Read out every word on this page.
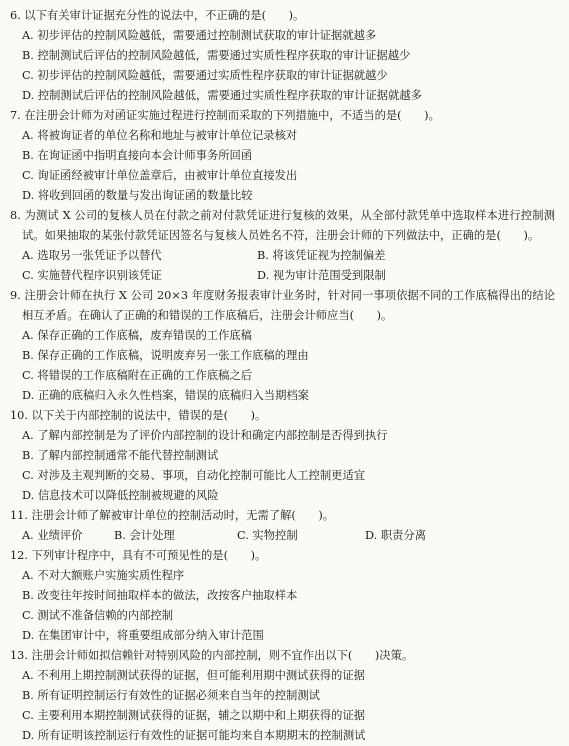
6. 以下有关审计证据充分性的说法中，不正确的是(　　)。
A. 初步评估的控制风险越低，需要通过控制测试获取的审计证据就越多
B. 控制测试后评估的控制风险越低，需要通过实质性程序获取的审计证据越少
C. 初步评估的控制风险越低，需要通过实质性程序获取的审计证据就越少
D. 控制测试后评估的控制风险越低，需要通过实质性程序获取的审计证据就越多
7. 在注册会计师为对函证实施过程进行控制而采取的下列措施中，不适当的是(　　)。
A. 将被询证者的单位名称和地址与被审计单位记录核对
B. 在询证函中指明直接向本会计师事务所回函
C. 询证函经被审计单位盖章后，由被审计单位直接发出
D. 将收到回函的数量与发出询证函的数量比较
8. 为测试 X 公司的复核人员在付款之前对付款凭证进行复核的效果，从全部付款凭单中选取样本进行控制测试。如果抽取的某张付款凭证因签名与复核人员姓名不符，注册会计师的下列做法中，正确的是(　　)。
A. 选取另一张凭证予以替代	B. 将该凭证视为控制偏差
C. 实施替代程序识别该凭证	D. 视为审计范围受到限制
9. 注册会计师在执行 X 公司 20×3 年度财务报表审计业务时，针对同一事项依据不同的工作底稿得出的结论相互矛盾。在确认了正确的和错误的工作底稿后，注册会计师应当(　　)。
A. 保存正确的工作底稿，废弃错误的工作底稿
B. 保存正确的工作底稿，说明废弃另一张工作底稿的理由
C. 将错误的工作底稿附在正确的工作底稿之后
D. 正确的底稿归入永久性档案，错误的底稿归入当期档案
10. 以下关于内部控制的说法中，错误的是(　　)。
A. 了解内部控制是为了评价内部控制的设计和确定内部控制是否得到执行
B. 了解内部控制通常不能代替控制测试
C. 对涉及主观判断的交易、事项，自动化控制可能比人工控制更适宜
D. 信息技术可以降低控制被规避的风险
11. 注册会计师了解被审计单位的控制活动时，无需了解(　　)。
A. 业绩评价	B. 会计处理	C. 实物控制	D. 职责分离
12. 下列审计程序中，具有不可预见性的是(　　)。
A. 不对大额账户实施实质性程序
B. 改变往年按时间抽取样本的做法，改按客户抽取样本
C. 测试不准备信赖的内部控制
D. 在集团审计中，将重要组成部分纳入审计范围
13. 注册会计师如拟信赖针对特别风险的内部控制，则不宜作出以下(　　)决策。
A. 不利用上期控制测试获得的证据，但可能利用期中测试获得的证据
B. 所有证明控制运行有效性的证据必须来自当年的控制测试
C. 主要利用本期控制测试获得的证据，辅之以期中和上期获得的证据
D. 所有证明该控制运行有效性的证据可能均来自本期期末的控制测试
